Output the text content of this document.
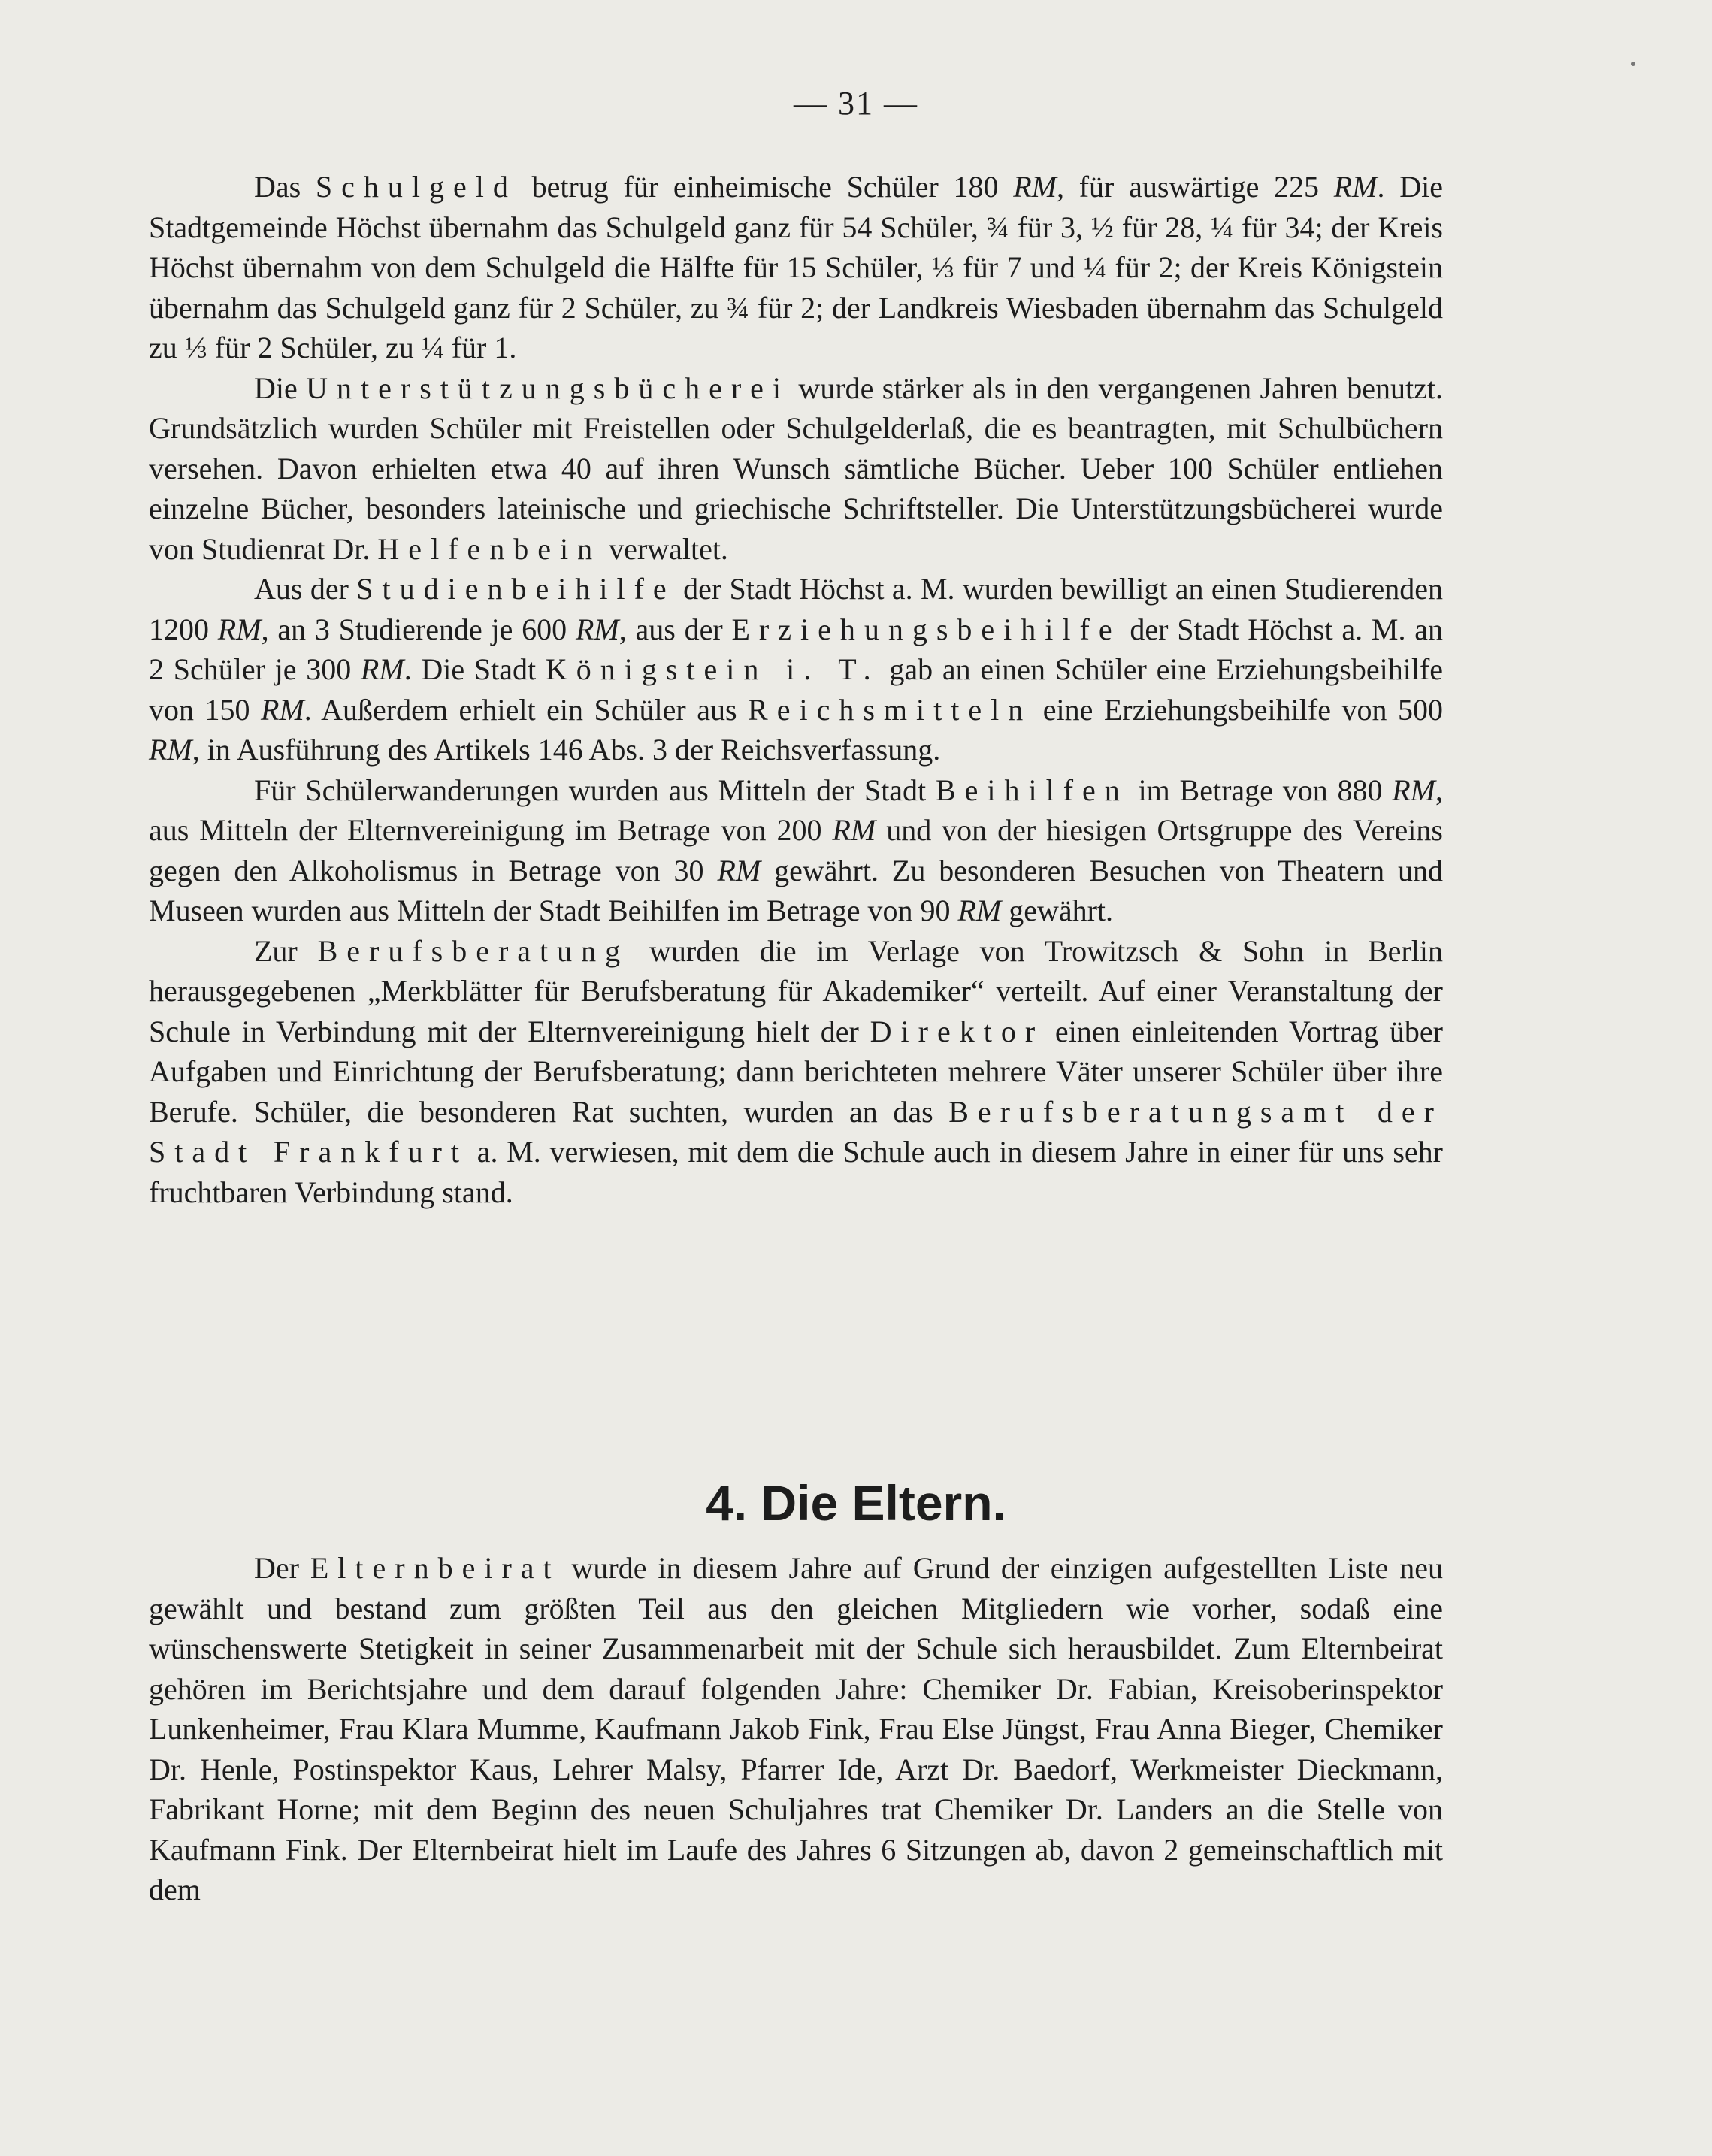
— 31 —

Das Schulgeld betrug für einheimische Schüler 180 RM, für auswärtige 225 RM. Die Stadtgemeinde Höchst übernahm das Schulgeld ganz für 54 Schüler, ¾ für 3, ½ für 28, ¼ für 34; der Kreis Höchst übernahm von dem Schulgeld die Hälfte für 15 Schüler, ⅓ für 7 und ¼ für 2; der Kreis Königstein übernahm das Schulgeld ganz für 2 Schüler, zu ¾ für 2; der Landkreis Wiesbaden übernahm das Schulgeld zu ⅓ für 2 Schüler, zu ¼ für 1.

Die Unterstützungsbücherei wurde stärker als in den vergangenen Jahren benutzt. Grundsätzlich wurden Schüler mit Freistellen oder Schulgelderlaß, die es beantragten, mit Schulbüchern versehen. Davon erhielten etwa 40 auf ihren Wunsch sämtliche Bücher. Ueber 100 Schüler entliehen einzelne Bücher, besonders lateinische und griechische Schriftsteller. Die Unterstützungsbücherei wurde von Studienrat Dr. Helfenbein verwaltet.

Aus der Studienbeihilfe der Stadt Höchst a. M. wurden bewilligt an einen Studierenden 1200 RM, an 3 Studierende je 600 RM, aus der Erziehungsbeihilfe der Stadt Höchst a. M. an 2 Schüler je 300 RM. Die Stadt Königstein i. T. gab an einen Schüler eine Erziehungsbeihilfe von 150 RM. Außerdem erhielt ein Schüler aus Reichsmitteln eine Erziehungsbeihilfe von 500 RM, in Ausführung des Artikels 146 Abs. 3 der Reichsverfassung.

Für Schülerwanderungen wurden aus Mitteln der Stadt Beihilfen im Betrage von 880 RM, aus Mitteln der Elternvereinigung im Betrage von 200 RM und von der hiesigen Ortsgruppe des Vereins gegen den Alkoholismus in Betrage von 30 RM gewährt. Zu besonderen Besuchen von Theatern und Museen wurden aus Mitteln der Stadt Beihilfen im Betrage von 90 RM gewährt.

Zur Berufsberatung wurden die im Verlage von Trowitzsch & Sohn in Berlin herausgegebenen „Merkblätter für Berufsberatung für Akademiker“ verteilt. Auf einer Veranstaltung der Schule in Verbindung mit der Elternvereinigung hielt der Direktor einen einleitenden Vortrag über Aufgaben und Einrichtung der Berufsberatung; dann berichteten mehrere Väter unserer Schüler über ihre Berufe. Schüler, die besonderen Rat suchten, wurden an das Berufsberatungsamt der Stadt Frankfurt a. M. verwiesen, mit dem die Schule auch in diesem Jahre in einer für uns sehr fruchtbaren Verbindung stand.

4. Die Eltern.

Der Elternbeirat wurde in diesem Jahre auf Grund der einzigen aufgestellten Liste neu gewählt und bestand zum größten Teil aus den gleichen Mitgliedern wie vorher, sodaß eine wünschenswerte Stetigkeit in seiner Zusammenarbeit mit der Schule sich herausbildet. Zum Elternbeirat gehören im Berichtsjahre und dem darauf folgenden Jahre: Chemiker Dr. Fabian, Kreisoberinspektor Lunkenheimer, Frau Klara Mumme, Kaufmann Jakob Fink, Frau Else Jüngst, Frau Anna Bieger, Chemiker Dr. Henle, Postinspektor Kaus, Lehrer Malsy, Pfarrer Ide, Arzt Dr. Baedorf, Werkmeister Dieckmann, Fabrikant Horne; mit dem Beginn des neuen Schuljahres trat Chemiker Dr. Landers an die Stelle von Kaufmann Fink. Der Elternbeirat hielt im Laufe des Jahres 6 Sitzungen ab, davon 2 gemeinschaftlich mit dem
